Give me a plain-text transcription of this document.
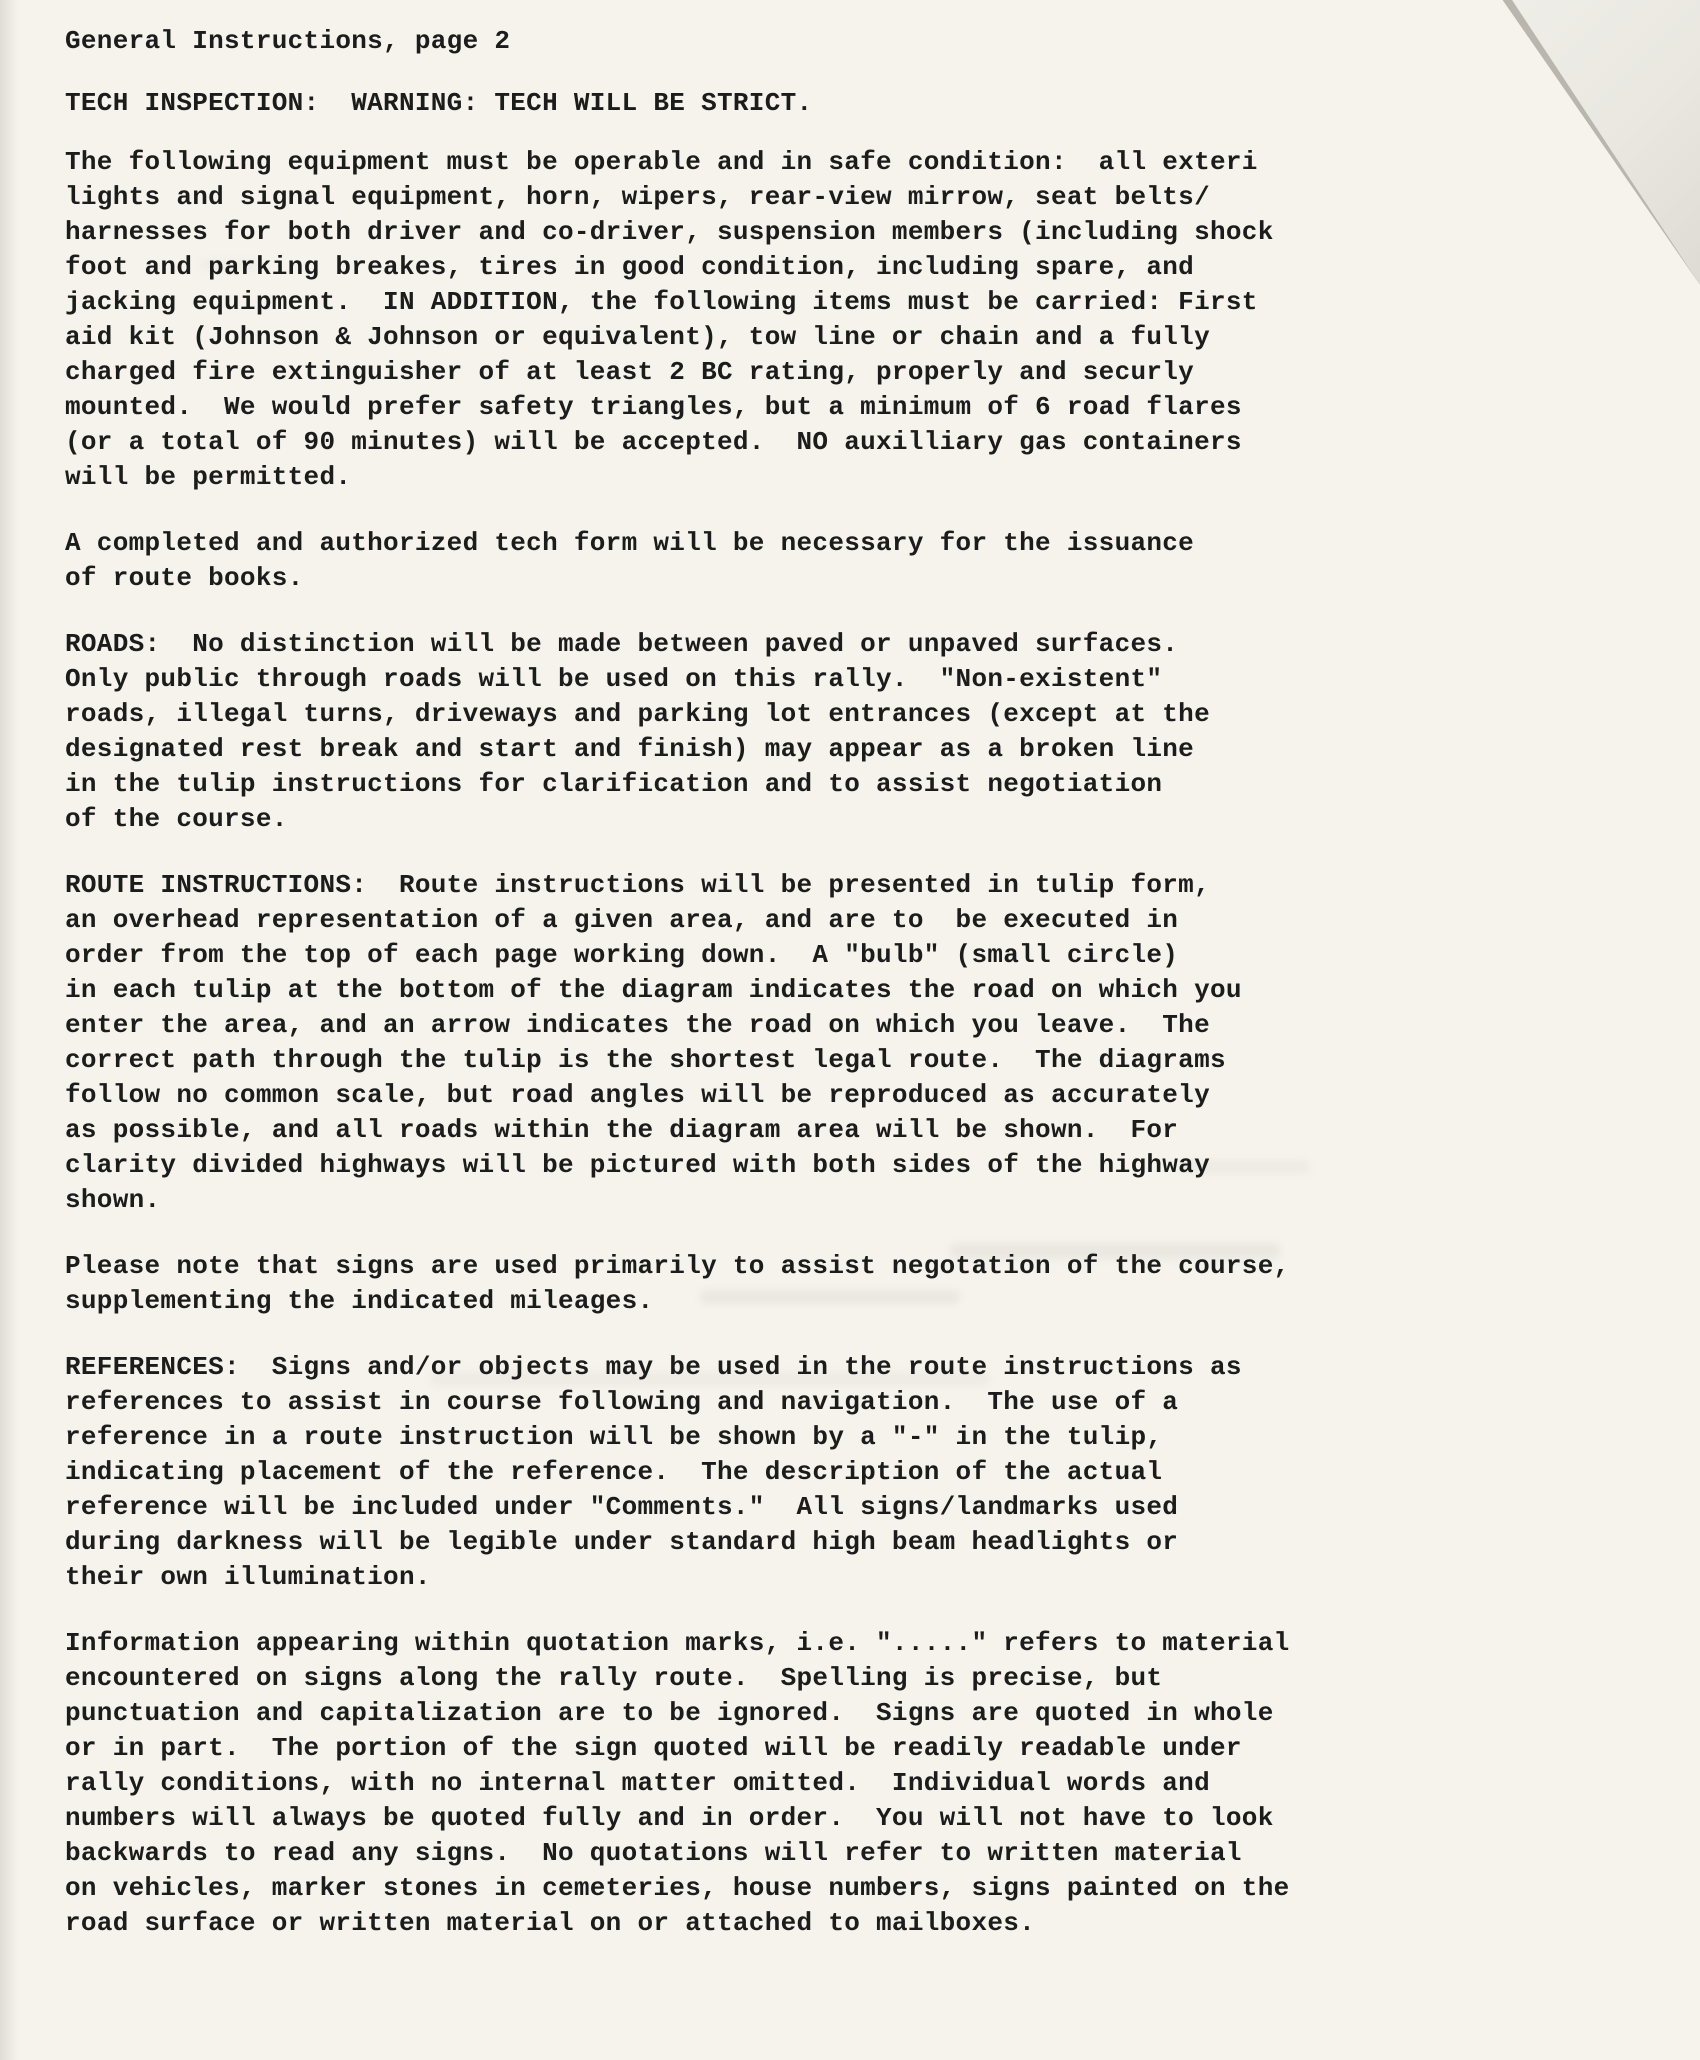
General Instructions, page 2
TECH INSPECTION:  WARNING: TECH WILL BE STRICT.
The following equipment must be operable and in safe condition:  all exteri
lights and signal equipment, horn, wipers, rear-view mirrow, seat belts/
harnesses for both driver and co-driver, suspension members (including shock
foot and parking breakes, tires in good condition, including spare, and
jacking equipment.  IN ADDITION, the following items must be carried: First
aid kit (Johnson & Johnson or equivalent), tow line or chain and a fully
charged fire extinguisher of at least 2 BC rating, properly and securly
mounted.  We would prefer safety triangles, but a minimum of 6 road flares
(or a total of 90 minutes) will be accepted.  NO auxilliary gas containers
will be permitted.
A completed and authorized tech form will be necessary for the issuance
of route books.
ROADS:  No distinction will be made between paved or unpaved surfaces.
Only public through roads will be used on this rally.  "Non-existent"
roads, illegal turns, driveways and parking lot entrances (except at the
designated rest break and start and finish) may appear as a broken line
in the tulip instructions for clarification and to assist negotiation
of the course.
ROUTE INSTRUCTIONS:  Route instructions will be presented in tulip form,
an overhead representation of a given area, and are to  be executed in
order from the top of each page working down.  A "bulb" (small circle)
in each tulip at the bottom of the diagram indicates the road on which you
enter the area, and an arrow indicates the road on which you leave.  The
correct path through the tulip is the shortest legal route.  The diagrams
follow no common scale, but road angles will be reproduced as accurately
as possible, and all roads within the diagram area will be shown.  For
clarity divided highways will be pictured with both sides of the highway
shown.
Please note that signs are used primarily to assist negotation of the course,
supplementing the indicated mileages.
REFERENCES:  Signs and/or objects may be used in the route instructions as
references to assist in course following and navigation.  The use of a
reference in a route instruction will be shown by a "-" in the tulip,
indicating placement of the reference.  The description of the actual
reference will be included under "Comments."  All signs/landmarks used
during darkness will be legible under standard high beam headlights or
their own illumination.
Information appearing within quotation marks, i.e. "....." refers to material
encountered on signs along the rally route.  Spelling is precise, but
punctuation and capitalization are to be ignored.  Signs are quoted in whole
or in part.  The portion of the sign quoted will be readily readable under
rally conditions, with no internal matter omitted.  Individual words and
numbers will always be quoted fully and in order.  You will not have to look
backwards to read any signs.  No quotations will refer to written material
on vehicles, marker stones in cemeteries, house numbers, signs painted on the
road surface or written material on or attached to mailboxes.
